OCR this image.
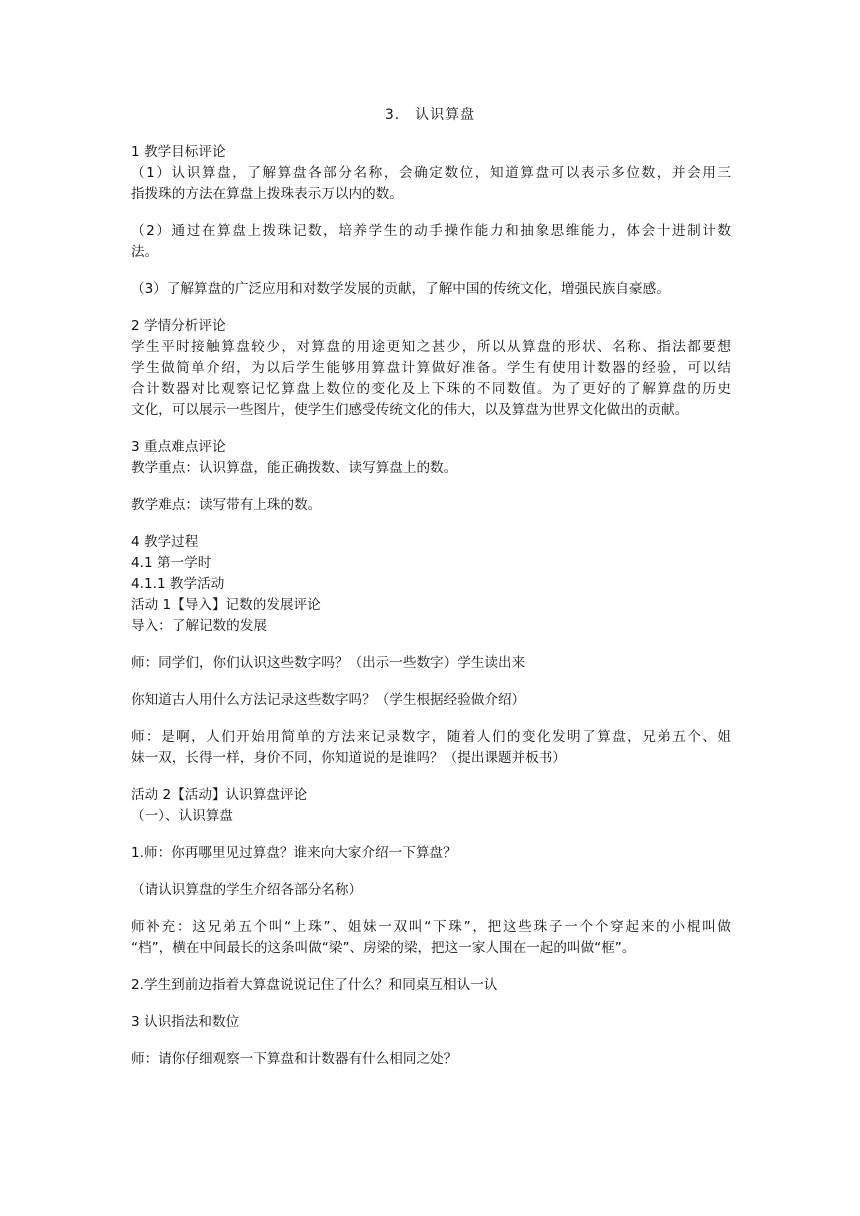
3.　认识算盘
1 教学目标评论
（1）认识算盘，了解算盘各部分名称，会确定数位，知道算盘可以表示多位数，并会用三
指拨珠的方法在算盘上拨珠表示万以内的数。
（2）通过在算盘上拨珠记数，培养学生的动手操作能力和抽象思维能力，体会十进制计数
法。
（3）了解算盘的广泛应用和对数学发展的贡献，了解中国的传统文化，增强民族自豪感。
2 学情分析评论
学生平时接触算盘较少，对算盘的用途更知之甚少，所以从算盘的形状、名称、指法都要想
学生做简单介绍，为以后学生能够用算盘计算做好准备。学生有使用计数器的经验，可以结
合计数器对比观察记忆算盘上数位的变化及上下珠的不同数值。为了更好的了解算盘的历史
文化，可以展示一些图片，使学生们感受传统文化的伟大，以及算盘为世界文化做出的贡献。
3 重点难点评论
教学重点：认识算盘，能正确拨数、读写算盘上的数。
教学难点：读写带有上珠的数。
4 教学过程
4.1 第一学时
4.1.1 教学活动
活动 1【导入】记数的发展评论
导入：了解记数的发展
师：同学们，你们认识这些数字吗？（出示一些数字）学生读出来
你知道古人用什么方法记录这些数字吗？（学生根据经验做介绍）
师：是啊，人们开始用简单的方法来记录数字，随着人们的变化发明了算盘，兄弟五个、姐
妹一双，长得一样，身价不同，你知道说的是谁吗？（提出课题并板书）
活动 2【活动】认识算盘评论
（一）、认识算盘
1.师：你再哪里见过算盘？谁来向大家介绍一下算盘？
（请认识算盘的学生介绍各部分名称）
师补充：这兄弟五个叫“上珠”、姐妹一双叫“下珠”，把这些珠子一个个穿起来的小棍叫做
“档”，横在中间最长的这条叫做“梁”、房梁的梁，把这一家人围在一起的叫做“框”。
2.学生到前边指着大算盘说说记住了什么？和同桌互相认一认
3 认识指法和数位
师：请你仔细观察一下算盘和计数器有什么相同之处？
